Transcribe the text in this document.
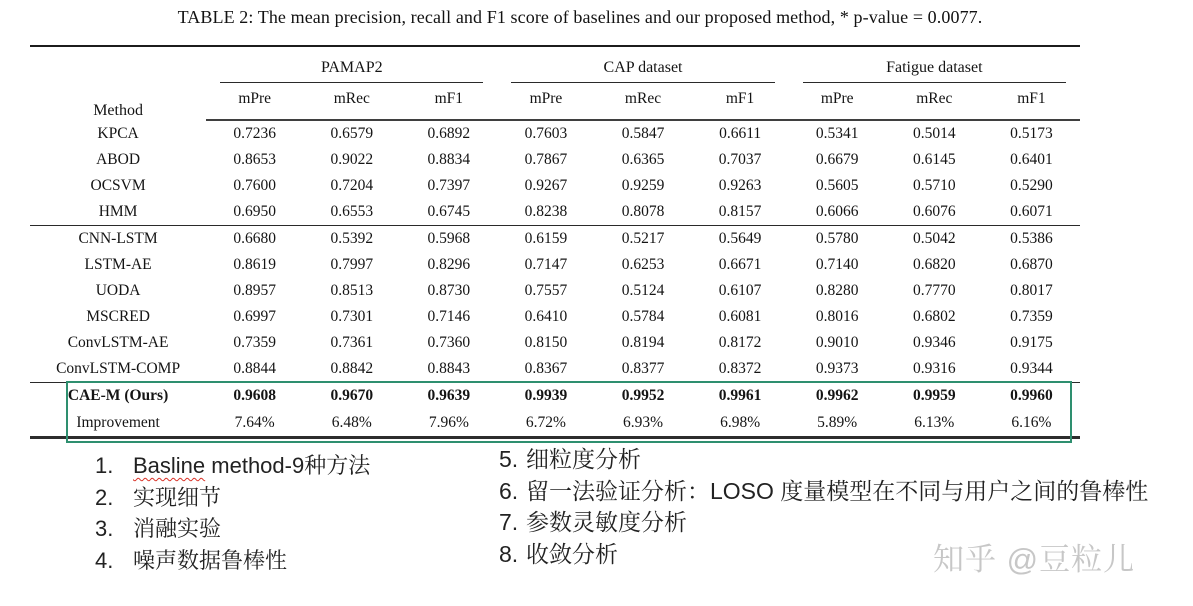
TABLE 2: The mean precision, recall and F1 score of baselines and our proposed method, * p-value = 0.0077.
Method	PAMAP2			CAP dataset			Fatigue dataset		

	mPre	mRec	mF1	mPre	mRec	mF1	mPre	mRec	mF1
KPCA	0.7236	0.6579	0.6892	0.7603	0.5847	0.6611	0.5341	0.5014	0.5173
ABOD	0.8653	0.9022	0.8834	0.7867	0.6365	0.7037	0.6679	0.6145	0.6401
OCSVM	0.7600	0.7204	0.7397	0.9267	0.9259	0.9263	0.5605	0.5710	0.5290
HMM	0.6950	0.6553	0.6745	0.8238	0.8078	0.8157	0.6066	0.6076	0.6071
CNN-LSTM	0.6680	0.5392	0.5968	0.6159	0.5217	0.5649	0.5780	0.5042	0.5386
LSTM-AE	0.8619	0.7997	0.8296	0.7147	0.6253	0.6671	0.7140	0.6820	0.6870
UODA	0.8957	0.8513	0.8730	0.7557	0.5124	0.6107	0.8280	0.7770	0.8017
MSCRED	0.6997	0.7301	0.7146	0.6410	0.5784	0.6081	0.8016	0.6802	0.7359
ConvLSTM-AE	0.7359	0.7361	0.7360	0.8150	0.8194	0.8172	0.9010	0.9346	0.9175
ConvLSTM-COMP	0.8844	0.8842	0.8843	0.8367	0.8377	0.8372	0.9373	0.9316	0.9344
CAE-M (Ours)	0.9608	0.9670	0.9639	0.9939	0.9952	0.9961	0.9962	0.9959	0.9960
Improvement	7.64%	6.48%	7.96%	6.72%	6.93%	6.98%	5.89%	6.13%	6.16%
1. Basline method-9种方法
2. 实现细节
3. 消融实验
4. 噪声数据鲁棒性
5. 细粒度分析
6. 留一法验证分析：LOSO 度量模型在不同与用户之间的鲁棒性
7. 参数灵敏度分析
8. 收敛分析	知乎 @豆粒儿
